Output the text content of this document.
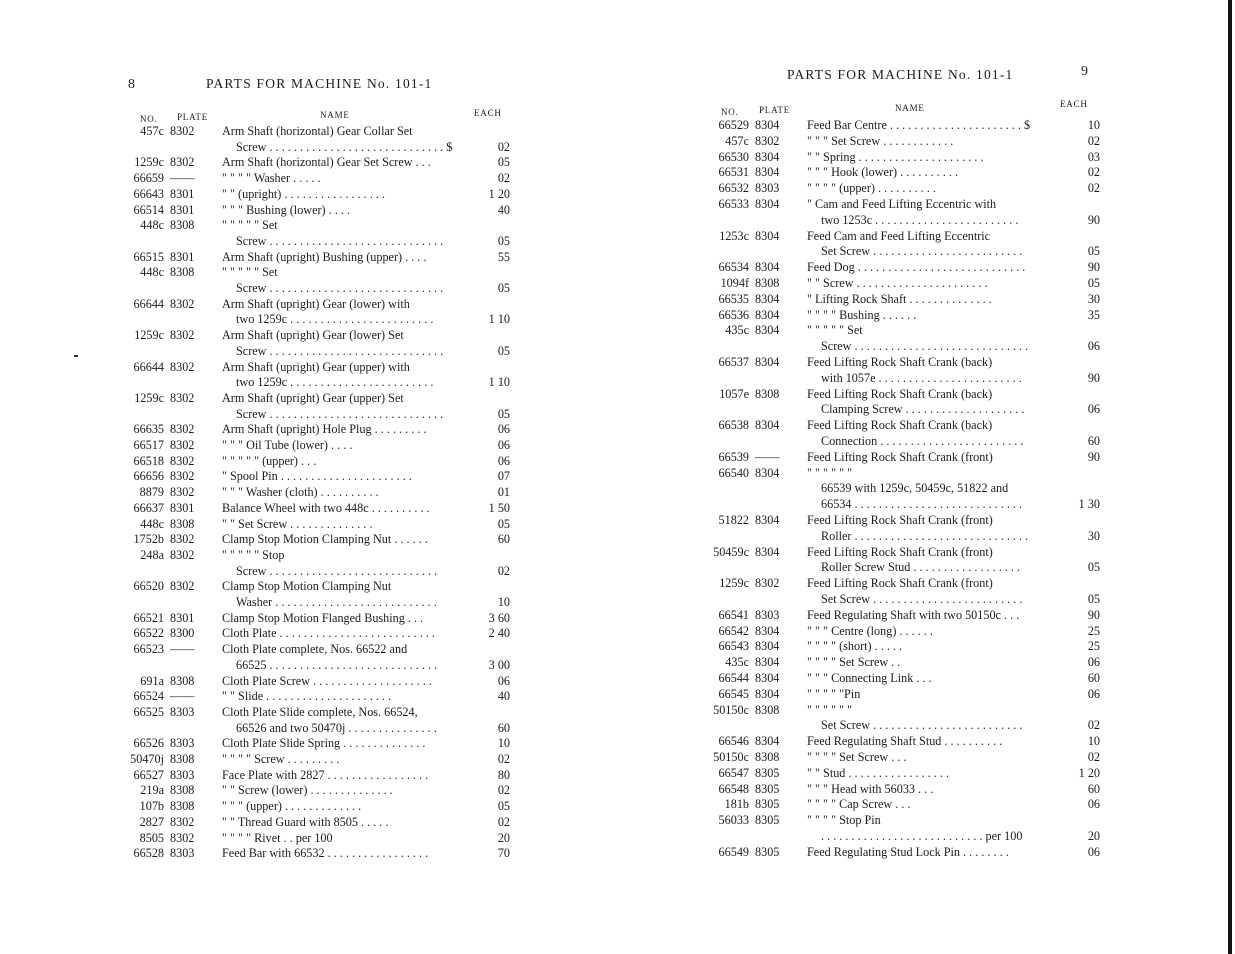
8	PARTS FOR MACHINE No. 101-1
NO. PLATE	NAME	EACH
457c 8302	Arm Shaft (horizontal) Gear Collar Set
Screw . . . . . . . . . . . . . . . . . . . . . . . . . . . . . $	02
1259c 8302	Arm Shaft (horizontal) Gear Set Screw . . .	05
66659 ——	" " " " Washer . . . . .	02
66643 8301	" " (upright) . . . . . . . . . . . . . . . . .	1 20
66514 8301	" " " Bushing (lower) . . . .	40
448c 8308	" " " " " Set
Screw . . . . . . . . . . . . . . . . . . . . . . . . . . . . .	05
66515 8301	Arm Shaft (upright) Bushing (upper) . . . .	55
448c 8308	" " " " " Set
Screw . . . . . . . . . . . . . . . . . . . . . . . . . . . . .	05
66644 8302	Arm Shaft (upright) Gear (lower) with
two 1259c . . . . . . . . . . . . . . . . . . . . . . . .	1 10
1259c 8302	Arm Shaft (upright) Gear (lower) Set
Screw . . . . . . . . . . . . . . . . . . . . . . . . . . . . .	05
66644 8302	Arm Shaft (upright) Gear (upper) with
two 1259c . . . . . . . . . . . . . . . . . . . . . . . .	1 10
1259c 8302	Arm Shaft (upright) Gear (upper) Set
Screw . . . . . . . . . . . . . . . . . . . . . . . . . . . . .	05
66635 8302	Arm Shaft (upright) Hole Plug . . . . . . . . .	06
66517 8302	" " " Oil Tube (lower) . . . .	06
66518 8302	" " " " " (upper) . . .	06
66656 8302	" Spool Pin . . . . . . . . . . . . . . . . . . . . . .	07
8879 8302	" " " Washer (cloth) . . . . . . . . . .	01
66637 8301	Balance Wheel with two 448c . . . . . . . . . .	1 50
448c 8308	" " Set Screw . . . . . . . . . . . . . .	05
1752b 8302	Clamp Stop Motion Clamping Nut . . . . . .	60
248a 8302	" " " " " Stop
Screw . . . . . . . . . . . . . . . . . . . . . . . . . . . .	02
66520 8302	Clamp Stop Motion Clamping Nut
Washer . . . . . . . . . . . . . . . . . . . . . . . . . . .	10
66521 8301	Clamp Stop Motion Flanged Bushing . . .	3 60
66522 8300	Cloth Plate . . . . . . . . . . . . . . . . . . . . . . . . . .	2 40
66523 ——	Cloth Plate complete, Nos. 66522 and
66525 . . . . . . . . . . . . . . . . . . . . . . . . . . . .	3 00
691a 8308	Cloth Plate Screw . . . . . . . . . . . . . . . . . . . .	06
66524 ——	" " Slide . . . . . . . . . . . . . . . . . . . . .	40
66525 8303	Cloth Plate Slide complete, Nos. 66524,
66526 and two 50470j . . . . . . . . . . . . . . .	60
66526 8303	Cloth Plate Slide Spring . . . . . . . . . . . . . .	10
50470j 8308	" " " " Screw . . . . . . . . .	02
66527 8303	Face Plate with 2827 . . . . . . . . . . . . . . . . .	80
219a 8308	" " Screw (lower) . . . . . . . . . . . . . .	02
107b 8308	" " " (upper) . . . . . . . . . . . . .	05
2827 8302	" " Thread Guard with 8505 . . . . .	02
8505 8302	" " " " Rivet . . per 100	20
66528 8303	Feed Bar with 66532 . . . . . . . . . . . . . . . . .	70
PARTS FOR MACHINE No. 101-1	9
NO. PLATE	NAME	EACH
66529 8304	Feed Bar Centre . . . . . . . . . . . . . . . . . . . . . . $	10
457c 8302	" " " Set Screw . . . . . . . . . . . .	02
66530 8304	" " Spring . . . . . . . . . . . . . . . . . . . . .	03
66531 8304	" " " Hook (lower) . . . . . . . . . .	02
66532 8303	" " " " (upper) . . . . . . . . . .	02
66533 8304	" Cam and Feed Lifting Eccentric with
two 1253c . . . . . . . . . . . . . . . . . . . . . . . .	90
1253c 8304	Feed Cam and Feed Lifting Eccentric
Set Screw . . . . . . . . . . . . . . . . . . . . . . . . .	05
66534 8304	Feed Dog . . . . . . . . . . . . . . . . . . . . . . . . . . . .	90
1094f 8308	" " Screw . . . . . . . . . . . . . . . . . . . . . .	05
66535 8304	" Lifting Rock Shaft . . . . . . . . . . . . . .	30
66536 8304	" " " " Bushing . . . . . .	35
435c 8304	" " " " " Set
Screw . . . . . . . . . . . . . . . . . . . . . . . . . . . . .	06
66537 8304	Feed Lifting Rock Shaft Crank (back)
with 1057e . . . . . . . . . . . . . . . . . . . . . . . .	90
1057e 8308	Feed Lifting Rock Shaft Crank (back)
Clamping Screw . . . . . . . . . . . . . . . . . . . .	06
66538 8304	Feed Lifting Rock Shaft Crank (back)
Connection . . . . . . . . . . . . . . . . . . . . . . . .	60
66539 ——	Feed Lifting Rock Shaft Crank (front)	90
66540 8304	" " " " " "
66539 with 1259c, 50459c, 51822 and
66534 . . . . . . . . . . . . . . . . . . . . . . . . . . . .	1 30
51822 8304	Feed Lifting Rock Shaft Crank (front)
Roller . . . . . . . . . . . . . . . . . . . . . . . . . . . . .	30
50459c 8304	Feed Lifting Rock Shaft Crank (front)
Roller Screw Stud . . . . . . . . . . . . . . . . . .	05
1259c 8302	Feed Lifting Rock Shaft Crank (front)
Set Screw . . . . . . . . . . . . . . . . . . . . . . . . .	05
66541 8303	Feed Regulating Shaft with two 50150c . . .	90
66542 8304	" " " Centre (long) . . . . . .	25
66543 8304	" " " " (short) . . . . .	25
435c 8304	" " " " Set Screw . .	06
66544 8304	" " " Connecting Link . . .	60
66545 8304	" " " " "Pin	06
50150c 8308	" " " " " "
Set Screw . . . . . . . . . . . . . . . . . . . . . . . . .	02
66546 8304	Feed Regulating Shaft Stud . . . . . . . . . .	10
50150c 8308	" " " " Set Screw . . .	02
66547 8305	" " Stud . . . . . . . . . . . . . . . . .	1 20
66548 8305	" " " Head with 56033 . . .	60
181b 8305	" " " " Cap Screw . . .	06
56033 8305	" " " " Stop Pin
. . . . . . . . . . . . . . . . . . . . . . . . . . . per 100	20
66549 8305	Feed Regulating Stud Lock Pin . . . . . . . .	06
